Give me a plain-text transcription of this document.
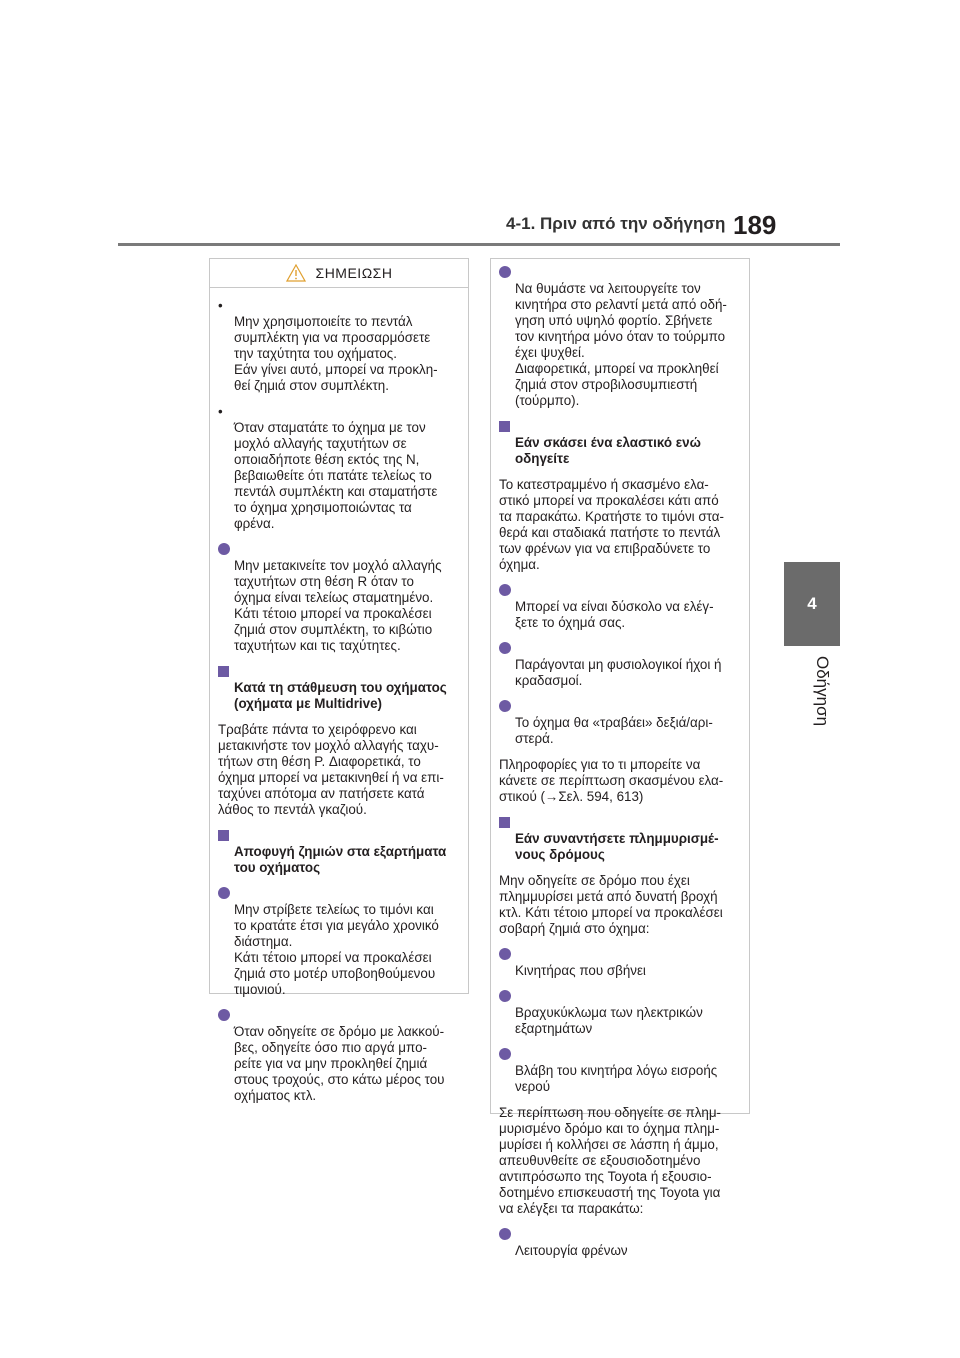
4-1. Πριν από την οδήγηση 189
4
Οδήγηση
ΣΗΜΕΙΩΣΗ

•
Μην χρησιμοποιείτε το πεντάλ
συμπλέκτη για να προσαρμόσετε
την ταχύτητα του οχήματος.
Εάν γίνει αυτό, μπορεί να προκλη-
θεί ζημιά στον συμπλέκτη.

•
Όταν σταματάτε το όχημα με τον
μοχλό αλλαγής ταχυτήτων σε
οποιαδήποτε θέση εκτός της N,
βεβαιωθείτε ότι πατάτε τελείως το
πεντάλ συμπλέκτη και σταματήστε
το όχημα χρησιμοποιώντας τα
φρένα.

Μην μετακινείτε τον μοχλό αλλαγής
ταχυτήτων στη θέση R όταν το
όχημα είναι τελείως σταματημένο.
Κάτι τέτοιο μπορεί να προκαλέσει
ζημιά στον συμπλέκτη, το κιβώτιο
ταχυτήτων και τις ταχύτητες.

Κατά τη στάθμευση του οχήματος
(οχήματα με Multidrive)

Τραβάτε πάντα το χειρόφρενο και
μετακινήστε τον μοχλό αλλαγής ταχυ-
τήτων στη θέση P. Διαφορετικά, το
όχημα μπορεί να μετακινηθεί ή να επι-
ταχύνει απότομα αν πατήσετε κατά
λάθος το πεντάλ γκαζιού.

Αποφυγή ζημιών στα εξαρτήματα
του οχήματος

Μην στρίβετε τελείως το τιμόνι και
το κρατάτε έτσι για μεγάλο χρονικό
διάστημα.
Κάτι τέτοιο μπορεί να προκαλέσει
ζημιά στο μοτέρ υποβοηθούμενου
τιμονιού.

Όταν οδηγείτε σε δρόμο με λακκού-
βες, οδηγείτε όσο πιο αργά μπο-
ρείτε για να μην προκληθεί ζημιά
στους τροχούς, στο κάτω μέρος του
οχήματος κτλ.

Να θυμάστε να λειτουργείτε τον
κινητήρα στο ρελαντί μετά από οδή-
γηση υπό υψηλό φορτίο. Σβήνετε
τον κινητήρα μόνο όταν το τούρμπο
έχει ψυχθεί.
Διαφορετικά, μπορεί να προκληθεί
ζημιά στον στροβιλοσυμπιεστή
(τούρμπο).

Εάν σκάσει ένα ελαστικό ενώ
οδηγείτε

Το κατεστραμμένο ή σκασμένο ελα-
στικό μπορεί να προκαλέσει κάτι από
τα παρακάτω. Κρατήστε το τιμόνι στα-
θερά και σταδιακά πατήστε το πεντάλ
των φρένων για να επιβραδύνετε το
όχημα.

Μπορεί να είναι δύσκολο να ελέγ-
ξετε το όχημά σας.

Παράγονται μη φυσιολογικοί ήχοι ή
κραδασμοί.

Το όχημα θα «τραβάει» δεξιά/αρι-
στερά.

Πληροφορίες για το τι μπορείτε να
κάνετε σε περίπτωση σκασμένου ελα-
στικού (→Σελ. 594, 613)

Εάν συναντήσετε πλημμυρισμέ-
νους δρόμους

Μην οδηγείτε σε δρόμο που έχει
πλημμυρίσει μετά από δυνατή βροχή
κτλ. Κάτι τέτοιο μπορεί να προκαλέσει
σοβαρή ζημιά στο όχημα:

Κινητήρας που σβήνει

Βραχυκύκλωμα των ηλεκτρικών
εξαρτημάτων

Βλάβη του κινητήρα λόγω εισροής
νερού

Σε περίπτωση που οδηγείτε σε πλημ-
μυρισμένο δρόμο και το όχημα πλημ-
μυρίσει ή κολλήσει σε λάσπη ή άμμο,
απευθυνθείτε σε εξουσιοδοτημένο
αντιπρόσωπο της Toyota ή εξουσιο-
δοτημένο επισκευαστή της Toyota για
να ελέγξει τα παρακάτω:

Λειτουργία φρένων
